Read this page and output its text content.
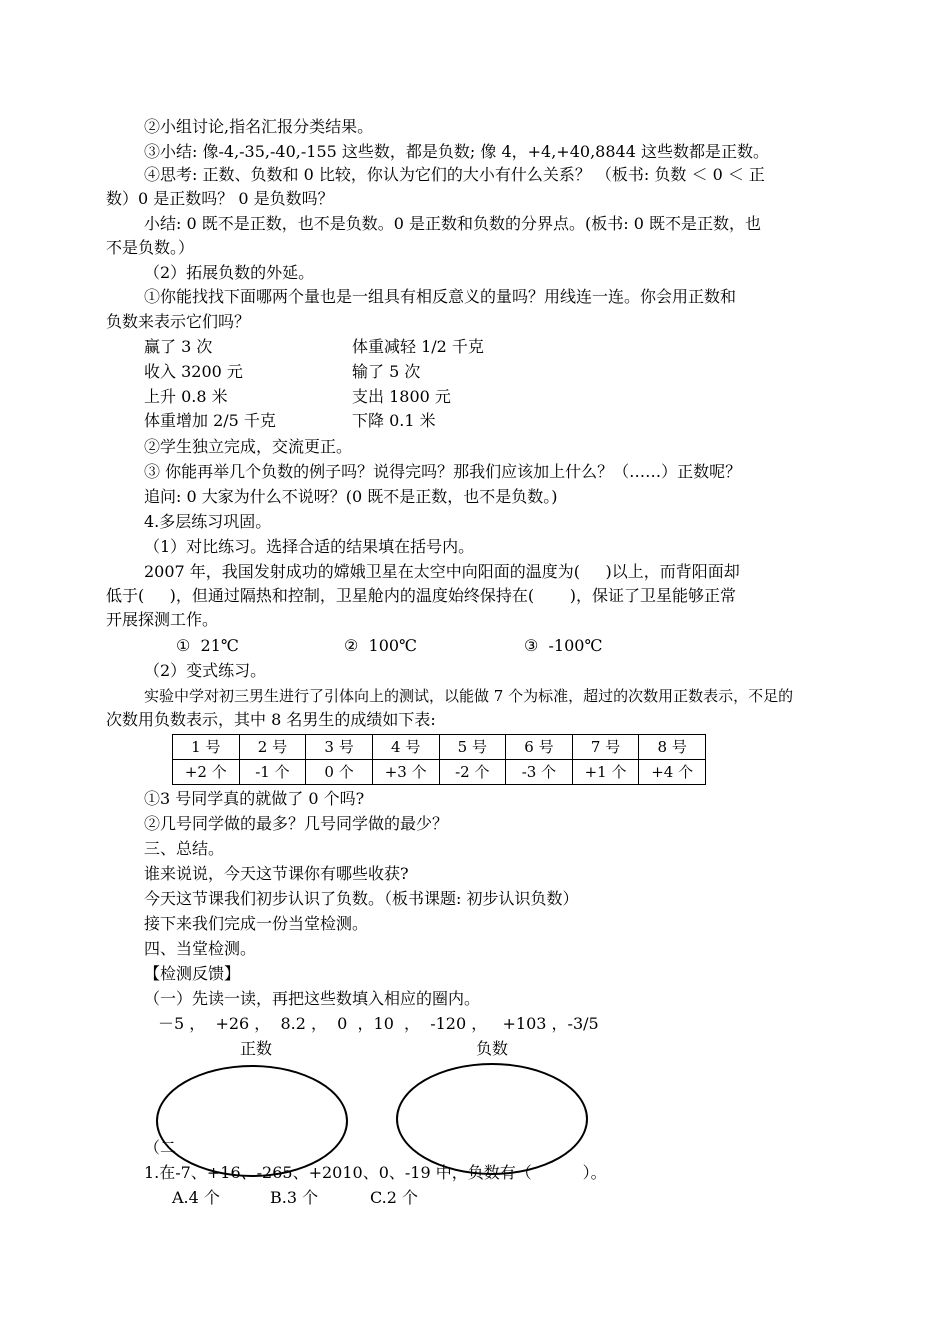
②小组讨论,指名汇报分类结果。
③小结: 像-4,-35,-40,-155 这些数，都是负数; 像 4，+4,+40,8844 这些数都是正数。
④思考: 正数、负数和 0 比较，你认为它们的大小有什么关系？ （板书: 负数 ＜ 0 ＜ 正
数）0 是正数吗？ 0 是负数吗？
小结: 0 既不是正数，也不是负数。0 是正数和负数的分界点。(板书: 0 既不是正数，也
不是负数。）
（2）拓展负数的外延。
①你能找找下面哪两个量也是一组具有相反意义的量吗？用线连一连。你会用正数和
负数来表示它们吗？
赢了 3 次	体重减轻 1/2 千克
收入 3200 元	输了 5 次
上升 0.8 米	支出 1800 元
体重增加 2/5 千克	下降 0.1 米
②学生独立完成，交流更正。
③ 你能再举几个负数的例子吗？说得完吗？那我们应该加上什么？（……）正数呢？
追问: 0 大家为什么不说呀？(0 既不是正数，也不是负数。)
4.多层练习巩固。
（1）对比练习。选择合适的结果填在括号内。
2007 年，我国发射成功的嫦娥卫星在太空中向阳面的温度为(     )以上，而背阳面却
低于(     )，但通过隔热和控制，卫星舱内的温度始终保持在(       )，保证了卫星能够正常
开展探测工作。
①  21℃	②  100℃	③  -100℃
（2）变式练习。
实验中学对初三男生进行了引体向上的测试，以能做 7 个为标准，超过的次数用正数表示，不足的
次数用负数表示，其中 8 名男生的成绩如下表:
1 号	2 号	3 号	4 号	5 号	6 号	7 号	8 号
+2 个	-1 个	0 个	+3 个	-2 个	-3 个	+1 个	+4 个
①3 号同学真的就做了 0 个吗?
②几号同学做的最多？几号同学做的最少？
三、总结。
谁来说说，今天这节课你有哪些收获?
今天这节课我们初步认识了负数。（板书课题: 初步认识负数）
接下来我们完成一份当堂检测。
四、当堂检测。
【检测反馈】
（一）先读一读，再把这些数填入相应的圈内。
－5 ，  +26 ，  8.2 ，  0  ，10  ，  -120 ，   +103 ，-3/5
正数	负数
（二
1.在-7、+16、-265、+2010、0、-19 中，负数有（          ）。
A.4 个	B.3 个	C.2 个
